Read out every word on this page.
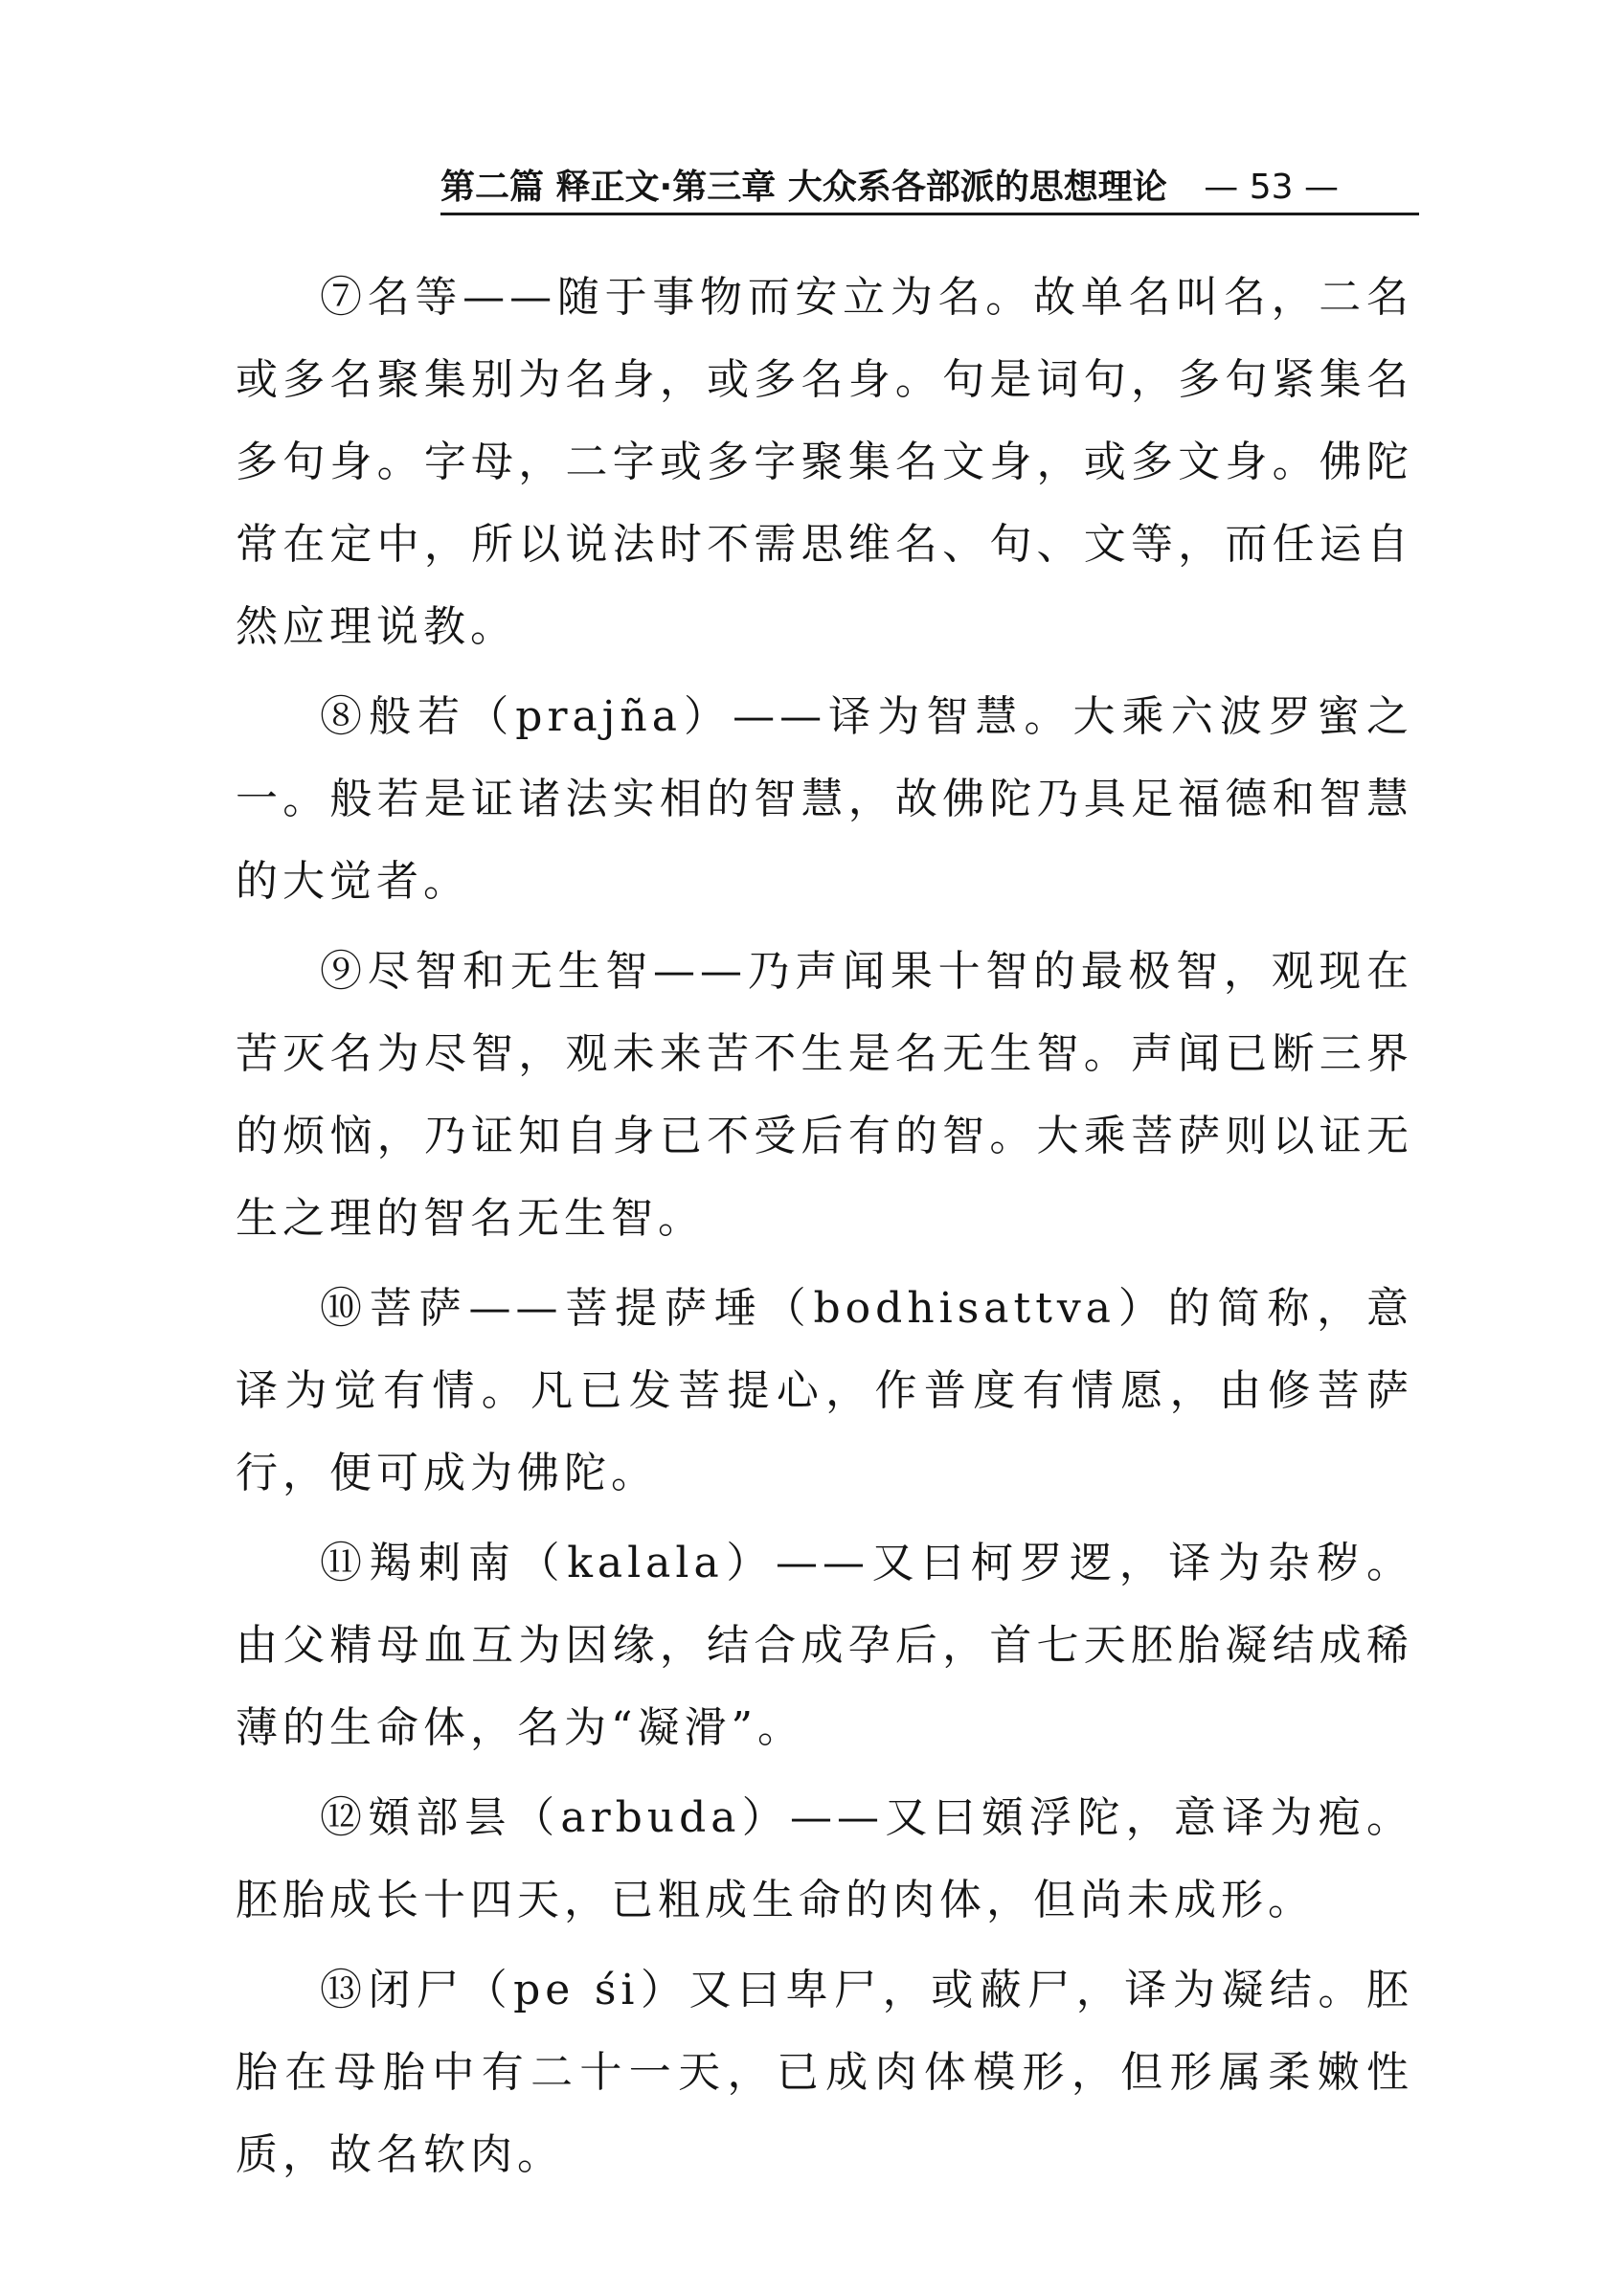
第二篇 释正文·第三章 大众系各部派的思想理论 — 53 —

⑦名等——随于事物而安立为名。故单名叫名，二名或多名聚集别为名身，或多名身。句是词句，多句紧集名多句身。字母，二字或多字聚集名文身，或多文身。佛陀常在定中，所以说法时不需思维名、句、文等，而任运自然应理说教。

⑧般若（prajña）——译为智慧。大乘六波罗蜜之一。般若是证诸法实相的智慧，故佛陀乃具足福德和智慧的大觉者。

⑨尽智和无生智——乃声闻果十智的最极智，观现在苦灭名为尽智，观未来苦不生是名无生智。声闻已断三界的烦恼，乃证知自身已不受后有的智。大乘菩萨则以证无生之理的智名无生智。

⑩菩萨——菩提萨埵（bodhisattva）的简称，意译为觉有情。凡已发菩提心，作普度有情愿，由修菩萨行，便可成为佛陀。

⑪羯剌南（kalala）——又曰柯罗逻，译为杂秽。由父精母血互为因缘，结合成孕后，首七天胚胎凝结成稀薄的生命体，名为“凝滑”。

⑫頞部昙（arbuda）——又曰頞浮陀，意译为疱。胚胎成长十四天，已粗成生命的肉体，但尚未成形。

⑬闭尸（pe śi）又曰卑尸，或蔽尸，译为凝结。胚胎在母胎中有二十一天，已成肉体模形，但形属柔嫩性质，故名软肉。
